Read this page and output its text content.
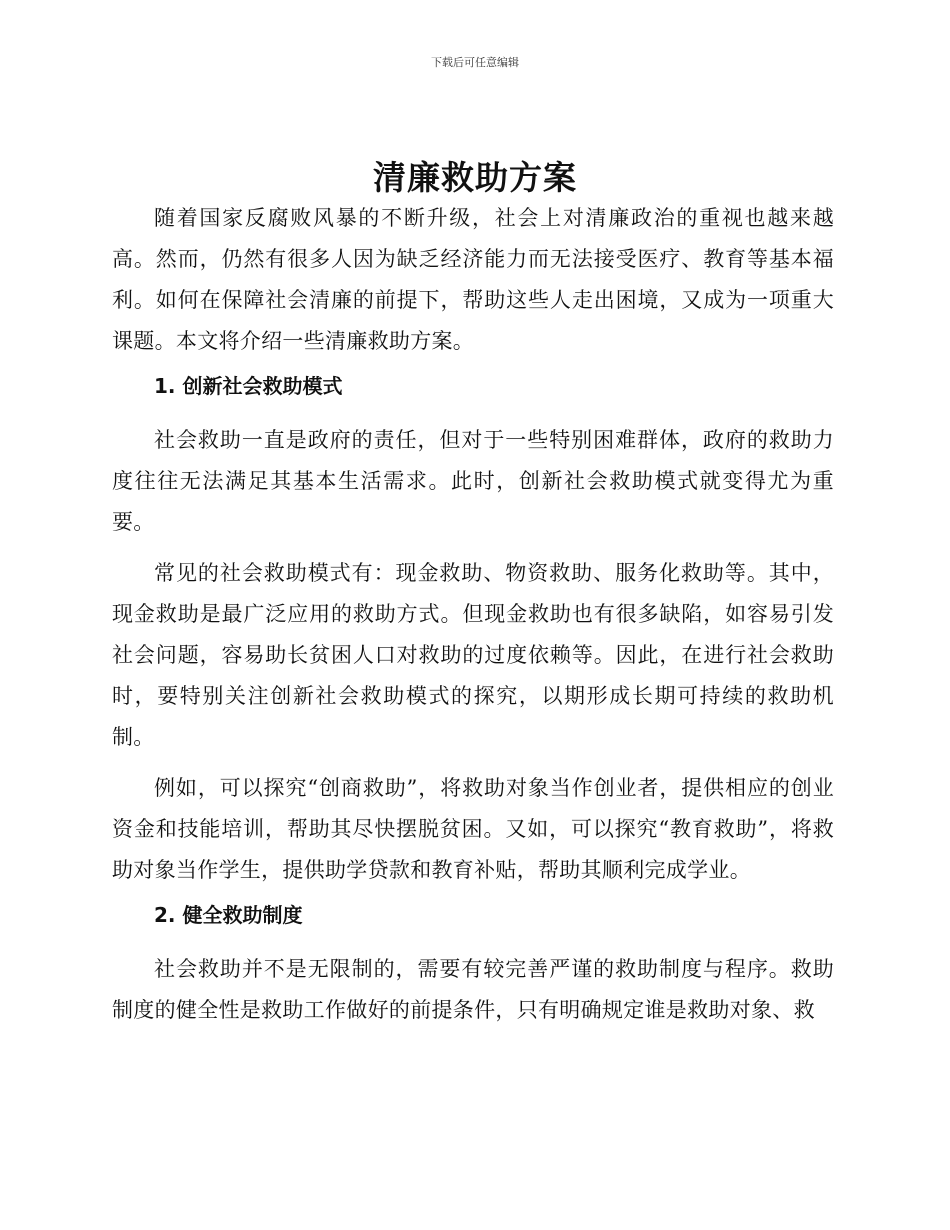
下载后可任意编辑
清廉救助方案

随着国家反腐败风暴的不断升级，社会上对清廉政治的重视也越来越高。然而，仍然有很多人因为缺乏经济能力而无法接受医疗、教育等基本福利。如何在保障社会清廉的前提下，帮助这些人走出困境，又成为一项重大课题。本文将介绍一些清廉救助方案。

1. 创新社会救助模式

社会救助一直是政府的责任，但对于一些特别困难群体，政府的救助力度往往无法满足其基本生活需求。此时，创新社会救助模式就变得尤为重要。

常见的社会救助模式有：现金救助、物资救助、服务化救助等。其中，现金救助是最广泛应用的救助方式。但现金救助也有很多缺陷，如容易引发社会问题，容易助长贫困人口对救助的过度依赖等。因此，在进行社会救助时，要特别关注创新社会救助模式的探究，以期形成长期可持续的救助机制。

例如，可以探究“创商救助”，将救助对象当作创业者，提供相应的创业资金和技能培训，帮助其尽快摆脱贫困。又如，可以探究“教育救助”，将救助对象当作学生，提供助学贷款和教育补贴，帮助其顺利完成学业。

2. 健全救助制度

社会救助并不是无限制的，需要有较完善严谨的救助制度与程序。救助制度的健全性是救助工作做好的前提条件，只有明确规定谁是救助对象、救
